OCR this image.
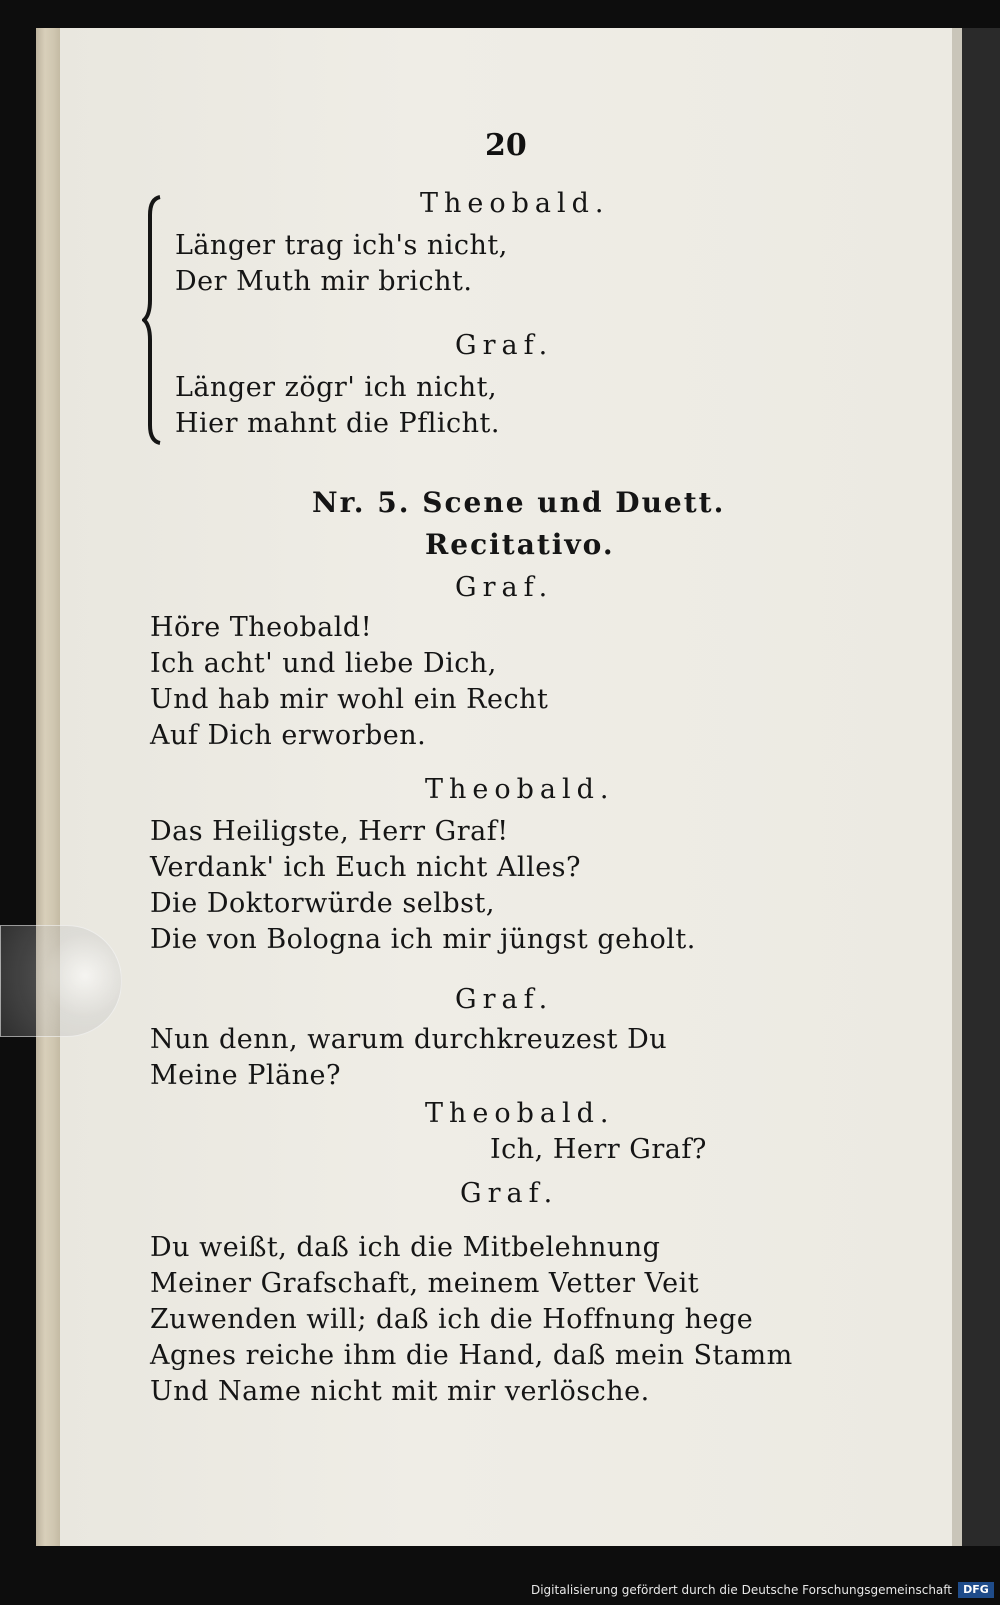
20
Theobald.
Länger trag ich's nicht,
Der Muth mir bricht.
Graf.
Länger zögr' ich nicht,
Hier mahnt die Pflicht.
Nr. 5. Scene und Duett.
Recitativo.
Graf.
Höre Theobald!
Ich acht' und liebe Dich,
Und hab mir wohl ein Recht
Auf Dich erworben.
Theobald.
Das Heiligste, Herr Graf!
Verdank' ich Euch nicht Alles?
Die Doktorwürde selbst,
Die von Bologna ich mir jüngst geholt.
Graf.
Nun denn, warum durchkreuzest Du
Meine Pläne?
Theobald.
Ich, Herr Graf?
Graf.
Du weißt, daß ich die Mitbelehnung
Meiner Grafschaft, meinem Vetter Veit
Zuwenden will; daß ich die Hoffnung hege
Agnes reiche ihm die Hand, daß mein Stamm
Und Name nicht mit mir verlösche.
Digitalisierung gefördert durch die Deutsche Forschungsgemeinschaft	DFG
